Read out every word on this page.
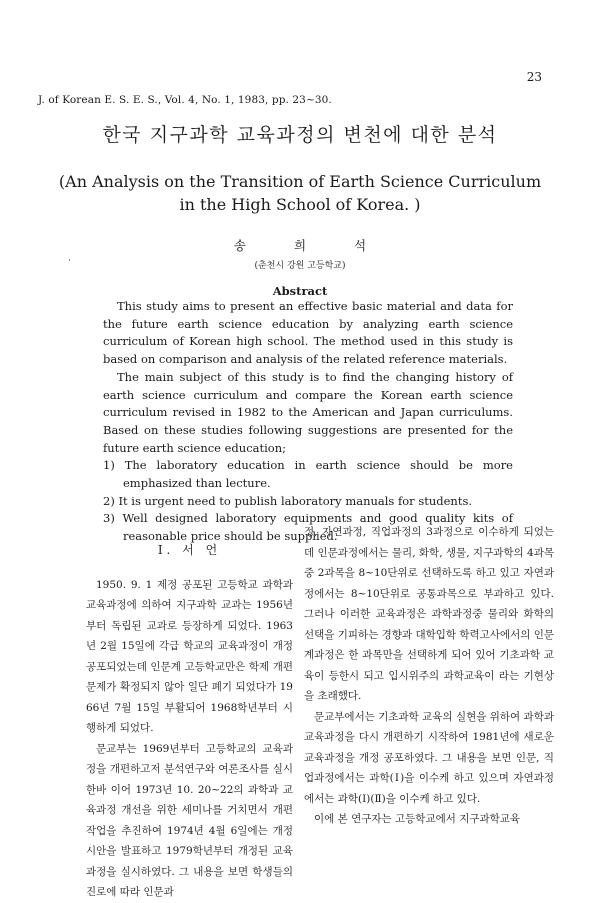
23
J. of Korean E. S. E. S., Vol. 4, No. 1, 1983, pp. 23~30.
한국 지구과학 교육과정의 변천에 대한 분석
(An Analysis on the Transition of Earth Science Curriculum
in the High School of Korea. )
송 희 석
·	(춘천시 강원 고등학교)
Abstract

This study aims to present an effective basic material and data for the future earth science education by analyzing earth science curriculum of Korean high school. The method used in this study is based on comparison and analysis of the related reference materials.

The main subject of this study is to find the changing history of earth science curriculum and compare the Korean earth science curriculum revised in 1982 to the American and Japan curriculums. Based on these studies following suggestions are presented for the future earth science education;

1) The laboratory education in earth science should be more emphasized than lecture.
2) It is urgent need to publish laboratory manuals for students.
3) Well designed laboratory equipments and good quality kits of reasonable price should be supplied.
Ⅰ. 서 언

1950. 9. 1 제정 공포된 고등학교 과학과 교육과정에 의하여 지구과학 교과는 1956년부터 독립된 교과로 등장하게 되었다. 1963년 2월 15일에 각급 학교의 교육과정이 개정 공포되었는데 인문계 고등학교만은 학제 개편문제가 확정되지 않아 일단 폐기 되었다가 1966년 7월 15일 부활되어 1968학년부터 시행하게 되었다.

문교부는 1969년부터 고등학교의 교육과정을 개편하고저 분석연구와 여론조사를 실시한바 이어 1973년 10. 20~22의 과학과 교육과정 개선을 위한 세미나를 거치면서 개편작업을 추진하여 1974년 4월 6일에는 개정시안을 발표하고 1979학년부터 개정된 교육과정을 실시하였다. 그 내용을 보면 학생들의 진로에 따라 인문과

정, 자연과정, 직업과정의 3과정으로 이수하게 되었는데 인문과정에서는 물리, 화학, 생물, 지구과학의 4과목중 2과목을 8~10단위로 선택하도록 하고 있고 자연과정에서는 8~10단위로 공통과목으로 부과하고 있다. 그러나 이러한 교육과정은 과학과정중 물리와 화학의 선택을 기피하는 경향과 대학입학 학력고사에서의 인문계과정은 한 과목만을 선택하게 되어 있어 기초과학 교육이 등한시 되고 입시위주의 과학교육이 라는 기현상을 초래했다.

문교부에서는 기초과학 교육의 실현을 위하여 과학과 교육과정을 다시 개편하기 시작하여 1981년에 새로운 교육과정을 개정 공포하였다. 그 내용을 보면 인문, 직업과정에서는 과학(Ⅰ)을 이수케 하고 있으며 자연과정에서는 과학(Ⅰ)(Ⅱ)을 이수케 하고 있다.

이에 본 연구자는 고등학교에서 지구과학교육
